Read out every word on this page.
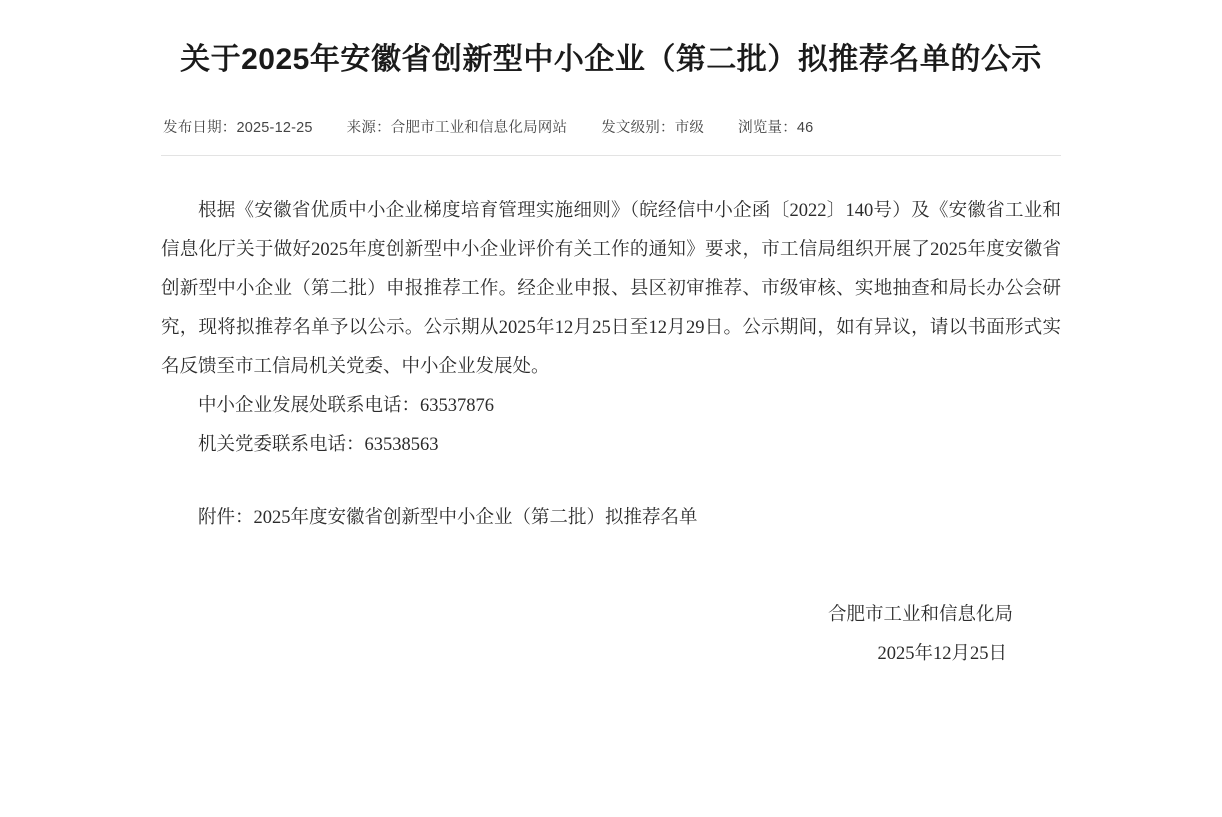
关于2025年安徽省创新型中小企业（第二批）拟推荐名单的公示
发布日期：2025-12-25 来源：合肥市工业和信息化局网站 发文级别：市级 浏览量：46

根据《安徽省优质中小企业梯度培育管理实施细则》（皖经信中小企函〔2022〕140号）及《安徽省工业和信息化厅关于做好2025年度创新型中小企业评价有关工作的通知》要求，市工信局组织开展了2025年度安徽省创新型中小企业（第二批）申报推荐工作。经企业申报、县区初审推荐、市级审核、实地抽查和局长办公会研究，现将拟推荐名单予以公示。公示期从2025年12月25日至12月29日。公示期间，如有异议，请以书面形式实名反馈至市工信局机关党委、中小企业发展处。

中小企业发展处联系电话：63537876

机关党委联系电话：63538563

附件：2025年度安徽省创新型中小企业（第二批）拟推荐名单

合肥市工业和信息化局
2025年12月25日
